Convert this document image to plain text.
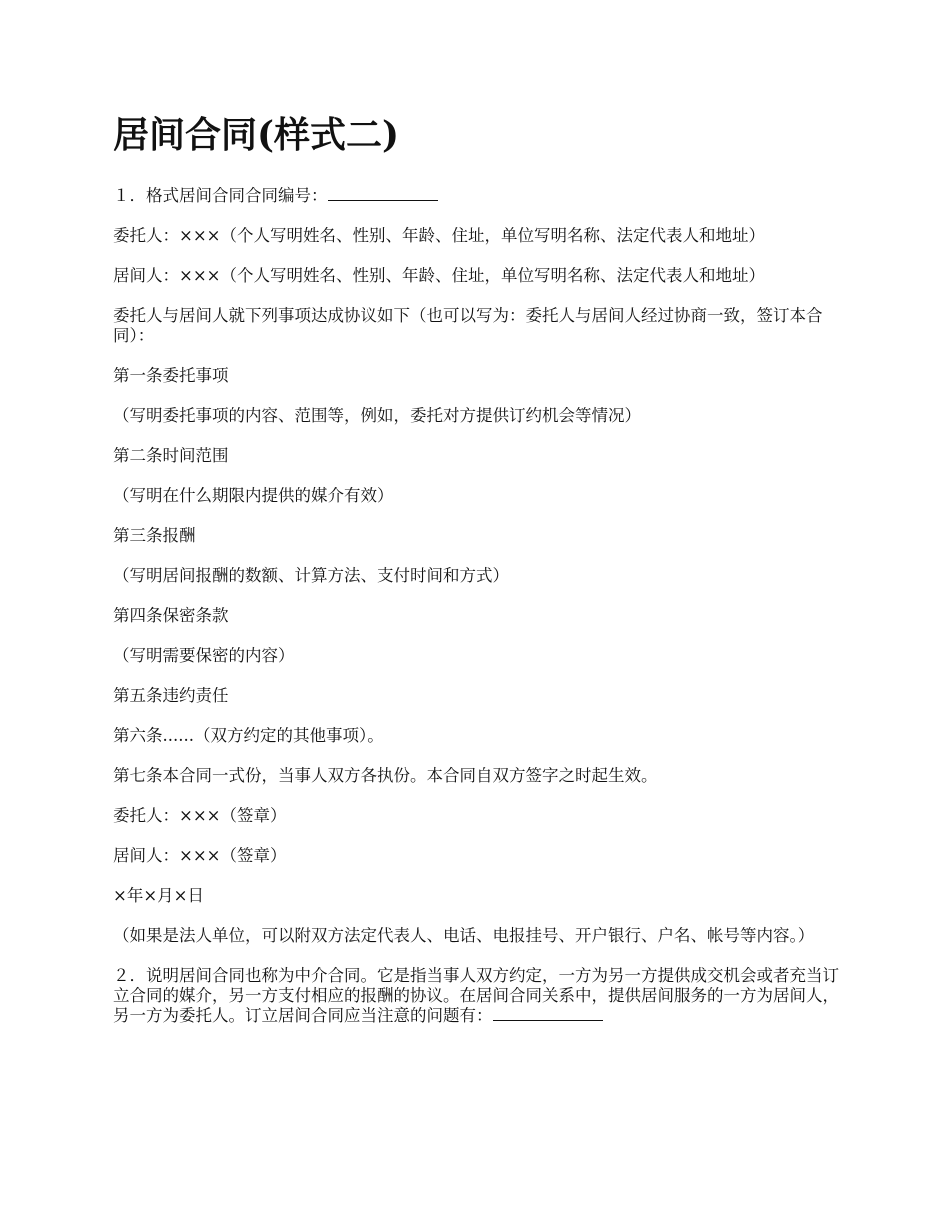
居间合同(样式二)

１．格式居间合同合同编号：

委托人：×××（个人写明姓名、性别、年龄、住址，单位写明名称、法定代表人和地址）

居间人：×××（个人写明姓名、性别、年龄、住址，单位写明名称、法定代表人和地址）

委托人与居间人就下列事项达成协议如下（也可以写为：委托人与居间人经过协商一致，签订本合同）：

第一条委托事项

（写明委托事项的内容、范围等，例如，委托对方提供订约机会等情况）

第二条时间范围

（写明在什么期限内提供的媒介有效）

第三条报酬

（写明居间报酬的数额、计算方法、支付时间和方式）

第四条保密条款

（写明需要保密的内容）

第五条违约责任

第六条......（双方约定的其他事项）。

第七条本合同一式份，当事人双方各执份。本合同自双方签字之时起生效。

委托人：×××（签章）

居间人：×××（签章）

×年×月×日

（如果是法人单位，可以附双方法定代表人、电话、电报挂号、开户银行、户名、帐号等内容。）

２．说明居间合同也称为中介合同。它是指当事人双方约定，一方为另一方提供成交机会或者充当订立合同的媒介，另一方支付相应的报酬的协议。在居间合同关系中，提供居间服务的一方为居间人，另一方为委托人。订立居间合同应当注意的问题有：
